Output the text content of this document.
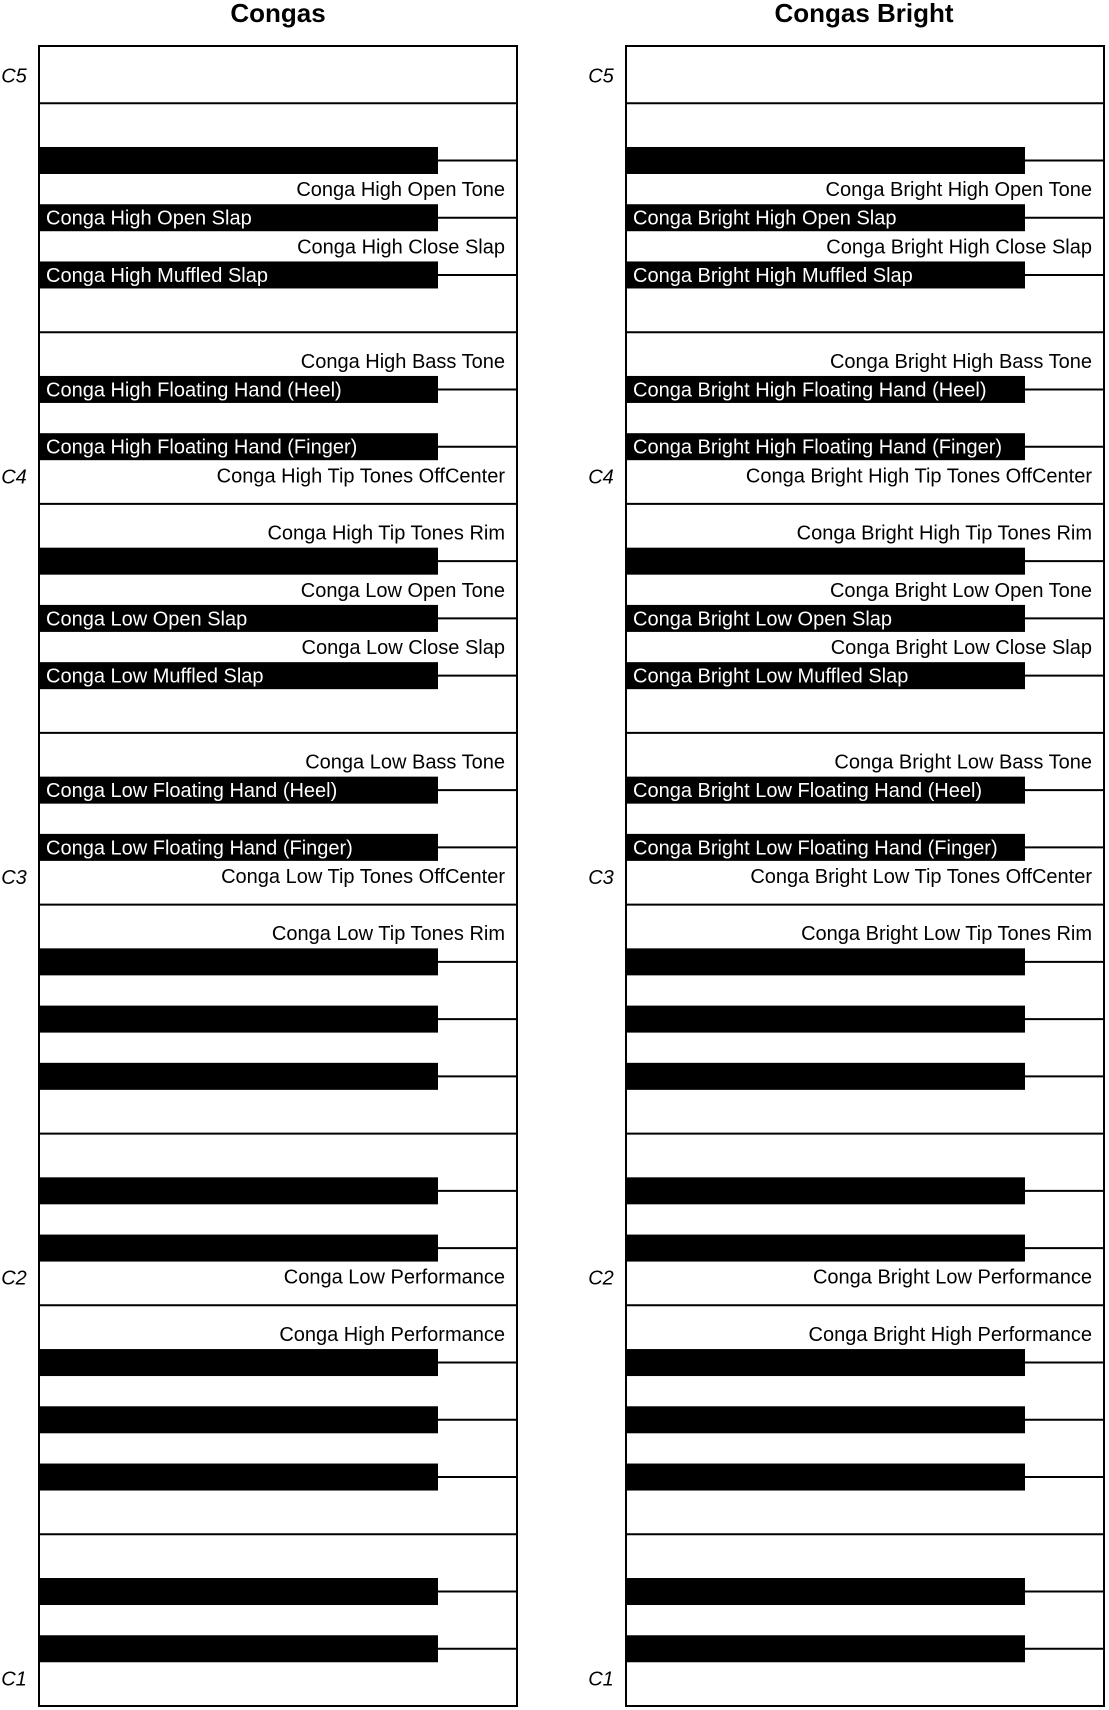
Congas
Conga High Performance
Conga Low Performance
Conga Low Tip Tones Rim
Conga Low Tip Tones OffCenter
Conga Low Bass Tone
Conga Low Close Slap
Conga Low Open Tone
Conga High Tip Tones Rim
Conga High Tip Tones OffCenter
Conga High Bass Tone
Conga High Close Slap
Conga High Open Tone
Conga Low Floating Hand (Finger)
Conga Low Floating Hand (Heel)
Conga Low Muffled Slap
Conga Low Open Slap
Conga High Floating Hand (Finger)
Conga High Floating Hand (Heel)
Conga High Muffled Slap
Conga High Open Slap
C5
C4
C3
C2
C1
Congas Bright
Conga Bright High Performance
Conga Bright Low Performance
Conga Bright Low Tip Tones Rim
Conga Bright Low Tip Tones OffCenter
Conga Bright Low Bass Tone
Conga Bright Low Close Slap
Conga Bright Low Open Tone
Conga Bright High Tip Tones Rim
Conga Bright High Tip Tones OffCenter
Conga Bright High Bass Tone
Conga Bright High Close Slap
Conga Bright High Open Tone
Conga Bright Low Floating Hand (Finger)
Conga Bright Low Floating Hand (Heel)
Conga Bright Low Muffled Slap
Conga Bright Low Open Slap
Conga Bright High Floating Hand (Finger)
Conga Bright High Floating Hand (Heel)
Conga Bright High Muffled Slap
Conga Bright High Open Slap
C5
C4
C3
C2
C1
